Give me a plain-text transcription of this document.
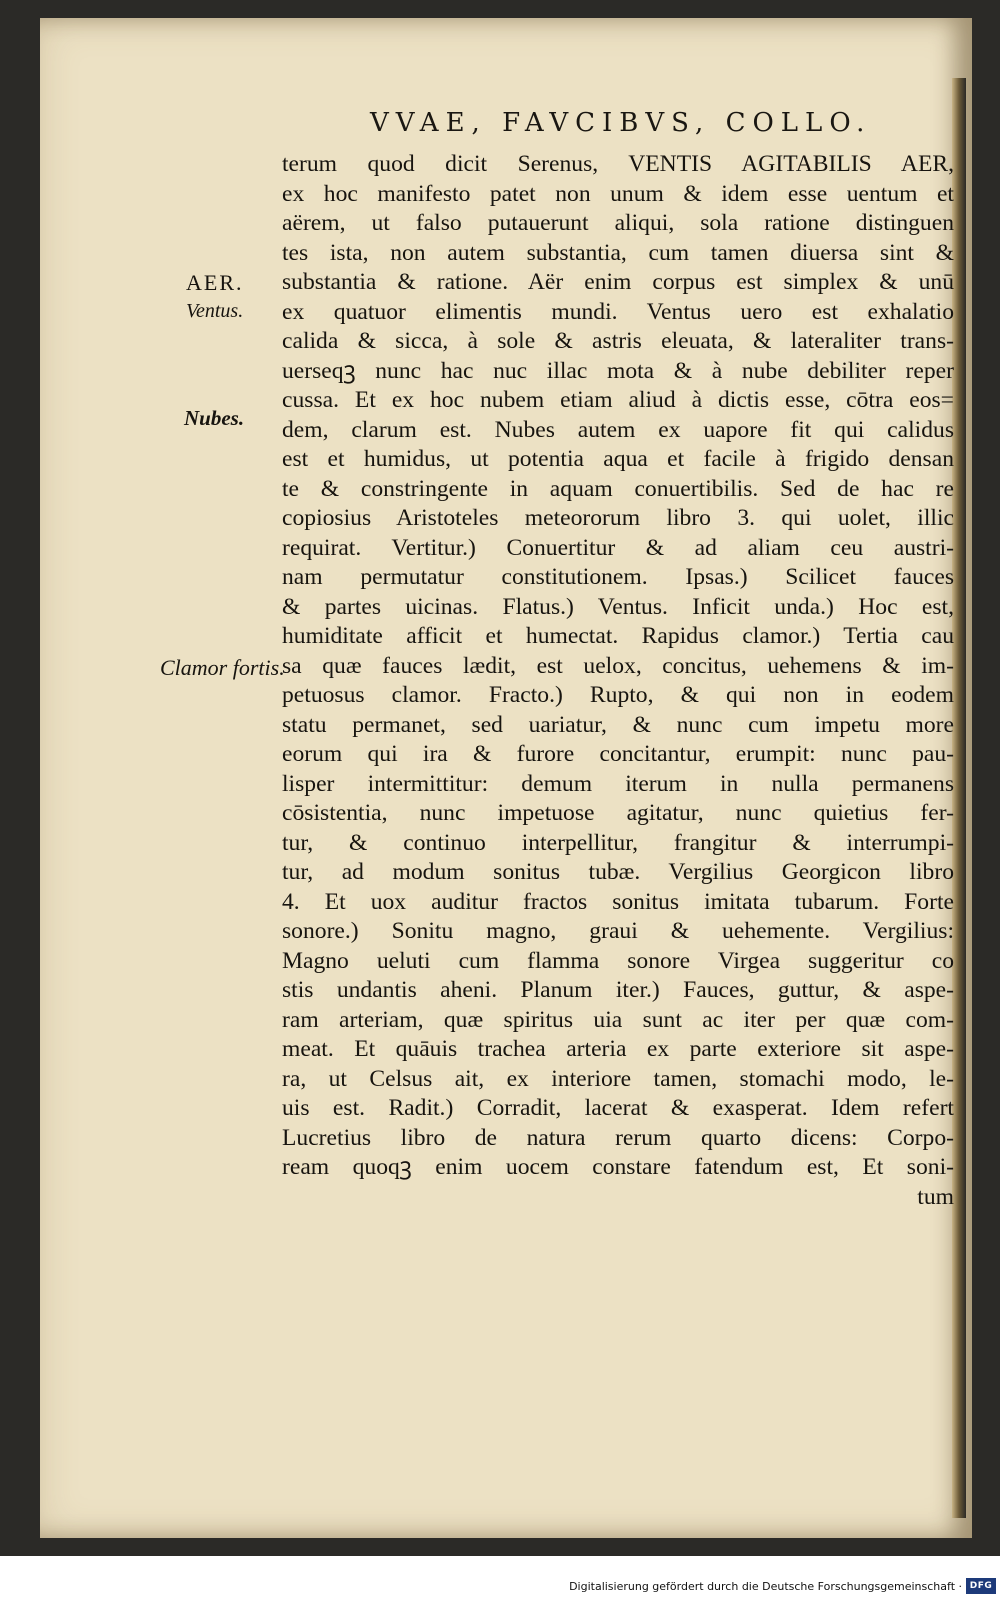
VVAE, FAVCIBVS, COLLO.
AER.
Ventus.
Nubes.
Clamor fortis.
terum quod dicit Serenus, VENTIS AGITABILIS AER,
ex hoc manifesto patet non unum & idem esse uentum et
aërem, ut falso putauerunt aliqui, sola ratione distinguen
tes ista, non autem substantia, cum tamen diuersa sint &
substantia & ratione. Aër enim corpus est simplex & unū
ex quatuor elimentis mundi. Ventus uero est exhalatio
calida & sicca, à sole & astris eleuata, & lateraliter trans-
uerseqꝫ nunc hac nuc illac mota & à nube debiliter reper
cussa. Et ex hoc nubem etiam aliud à dictis esse, cōtra eos=
dem, clarum est. Nubes autem ex uapore fit qui calidus
est et humidus, ut potentia aqua et facile à frigido densan
te & constringente in aquam conuertibilis. Sed de hac re
copiosius Aristoteles meteororum libro 3. qui uolet, illic
requirat. Vertitur.) Conuertitur & ad aliam ceu austri-
nam permutatur constitutionem. Ipsas.) Scilicet fauces
& partes uicinas. Flatus.) Ventus. Inficit unda.) Hoc est,
humiditate afficit et humectat. Rapidus clamor.) Tertia cau
sa quæ fauces lædit, est uelox, concitus, uehemens & im-
petuosus clamor. Fracto.) Rupto, & qui non in eodem
statu permanet, sed uariatur, & nunc cum impetu more
eorum qui ira & furore concitantur, erumpit: nunc pau-
lisper intermittitur: demum iterum in nulla permanens
cōsistentia, nunc impetuose agitatur, nunc quietius fer-
tur, & continuo interpellitur, frangitur & interrumpi-
tur, ad modum sonitus tubæ. Vergilius Georgicon libro
4. Et uox auditur fractos sonitus imitata tubarum. Forte
sonore.) Sonitu magno, graui & uehemente. Vergilius:
Magno ueluti cum flamma sonore Virgea suggeritur co
stis undantis aheni. Planum iter.) Fauces, guttur, & aspe-
ram arteriam, quæ spiritus uia sunt ac iter per quæ com-
meat. Et quāuis trachea arteria ex parte exteriore sit aspe-
ra, ut Celsus ait, ex interiore tamen, stomachi modo, le-
uis est. Radit.) Corradit, lacerat & exasperat. Idem refert
Lucretius libro de natura rerum quarto dicens: Corpo-
ream quoqꝫ enim uocem constare fatendum est, Et soni-
tum
Digitalisierung gefördert durch die Deutsche Forschungsgemeinschaft · DFG
